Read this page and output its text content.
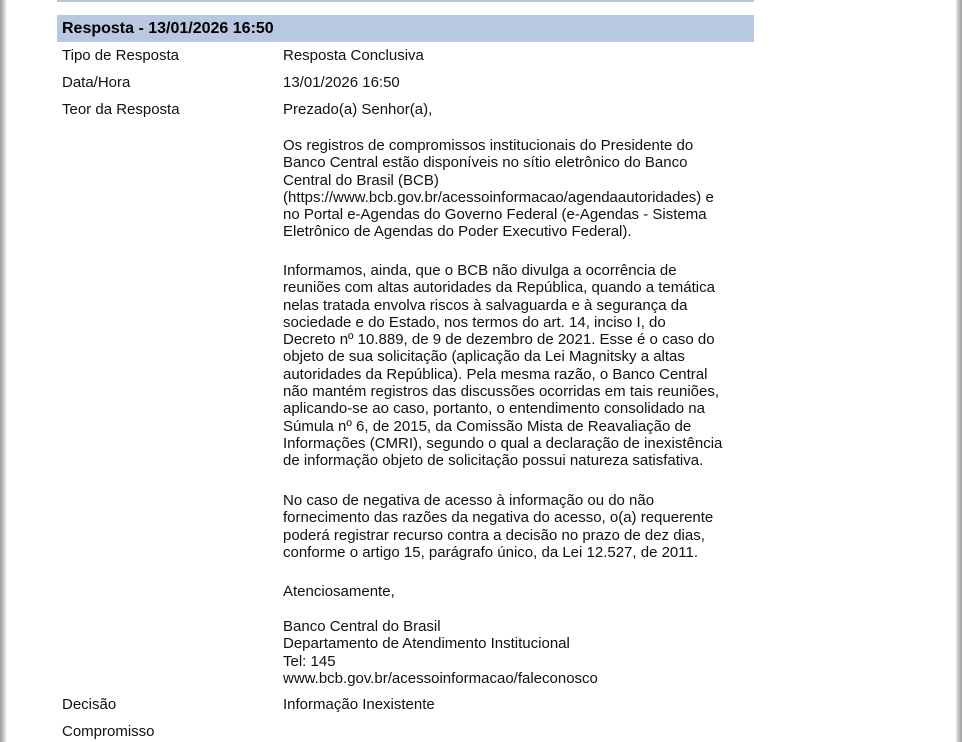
Resposta - 13/01/2026 16:50
Tipo de Resposta	Resposta Conclusiva
Data/Hora	13/01/2026 16:50
Teor da Resposta	Prezado(a) Senhor(a),
Os registros de compromissos institucionais do Presidente do
Banco Central estão disponíveis no sítio eletrônico do Banco
Central do Brasil (BCB)
(https://www.bcb.gov.br/acessoinformacao/agendaautoridades) e
no Portal e-Agendas do Governo Federal (e-Agendas - Sistema
Eletrônico de Agendas do Poder Executivo Federal).
Informamos, ainda, que o BCB não divulga a ocorrência de
reuniões com altas autoridades da República, quando a temática
nelas tratada envolva riscos à salvaguarda e à segurança da
sociedade e do Estado, nos termos do art. 14, inciso I, do
Decreto nº 10.889, de 9 de dezembro de 2021. Esse é o caso do
objeto de sua solicitação (aplicação da Lei Magnitsky a altas
autoridades da República). Pela mesma razão, o Banco Central
não mantém registros das discussões ocorridas em tais reuniões,
aplicando-se ao caso, portanto, o entendimento consolidado na
Súmula nº 6, de 2015, da Comissão Mista de Reavaliação de
Informações (CMRI), segundo o qual a declaração de inexistência
de informação objeto de solicitação possui natureza satisfativa.
No caso de negativa de acesso à informação ou do não
fornecimento das razões da negativa do acesso, o(a) requerente
poderá registrar recurso contra a decisão no prazo de dez dias,
conforme o artigo 15, parágrafo único, da Lei 12.527, de 2011.
Atenciosamente,
Banco Central do Brasil
Departamento de Atendimento Institucional
Tel: 145
www.bcb.gov.br/acessoinformacao/faleconosco
Decisão	Informação Inexistente
Compromisso
